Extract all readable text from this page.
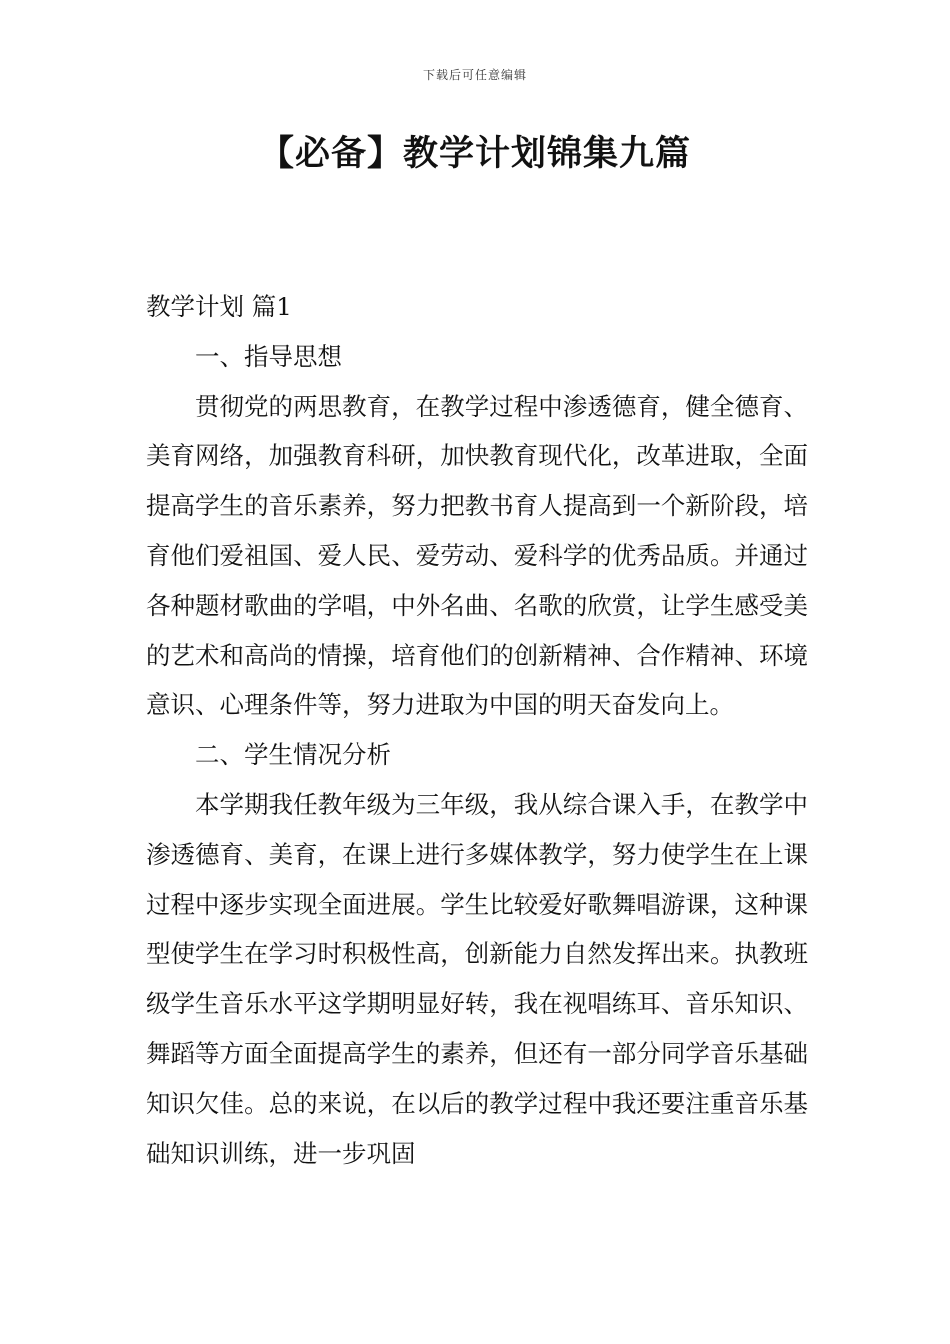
下载后可任意编辑
【必备】教学计划锦集九篇

教学计划 篇1

一、指导思想

贯彻党的两思教育，在教学过程中渗透德育，健全德育、美育网络，加强教育科研，加快教育现代化，改革进取，全面提高学生的音乐素养，努力把教书育人提高到一个新阶段，培育他们爱祖国、爱人民、爱劳动、爱科学的优秀品质。并通过各种题材歌曲的学唱，中外名曲、名歌的欣赏，让学生感受美的艺术和高尚的情操，培育他们的创新精神、合作精神、环境意识、心理条件等，努力进取为中国的明天奋发向上。

二、学生情况分析

本学期我任教年级为三年级，我从综合课入手，在教学中渗透德育、美育，在课上进行多媒体教学，努力使学生在上课过程中逐步实现全面进展。学生比较爱好歌舞唱游课，这种课型使学生在学习时积极性高，创新能力自然发挥出来。执教班级学生音乐水平这学期明显好转，我在视唱练耳、音乐知识、舞蹈等方面全面提高学生的素养，但还有一部分同学音乐基础知识欠佳。总的来说，在以后的教学过程中我还要注重音乐基础知识训练，进一步巩固
